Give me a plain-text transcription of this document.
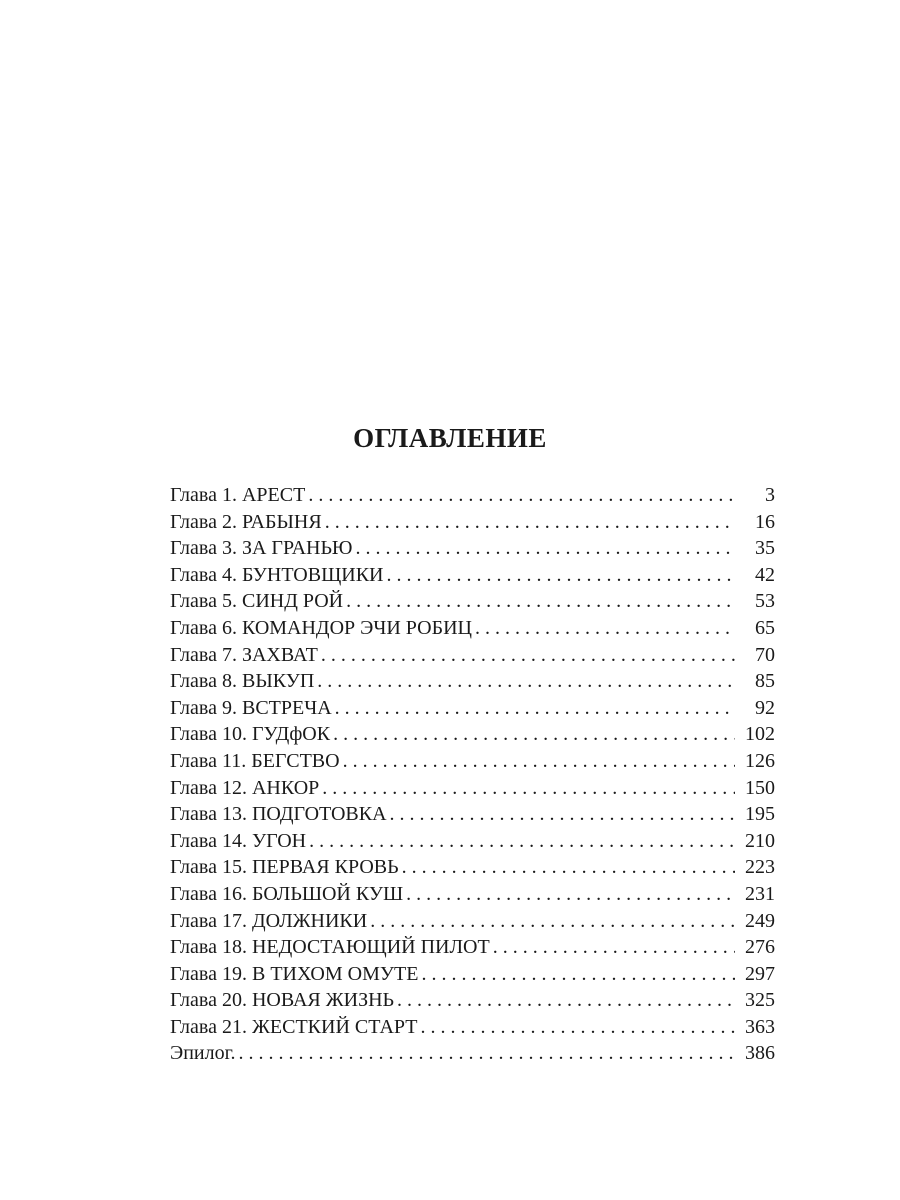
ОГЛАВЛЕНИЕ
Глава 1. АРЕСТ . . .	3
Глава 2. РАБЫНЯ . . .	16
Глава 3. ЗА ГРАНЬЮ . . .	35
Глава 4. БУНТОВЩИКИ . . .	42
Глава 5. СИНД РОЙ . . .	53
Глава 6. КОМАНДОР ЭЧИ РОБИЦ . . .	65
Глава 7. ЗАХВАТ . . .	70
Глава 8. ВЫКУП . . .	85
Глава 9. ВСТРЕЧА . . .	92
Глава 10. ГУДфОК . . .	102
Глава 11. БЕГСТВО . . .	126
Глава 12. АНКОР . . .	150
Глава 13. ПОДГОТОВКА . . .	195
Глава 14. УГОН . . .	210
Глава 15. ПЕРВАЯ КРОВЬ . . .	223
Глава 16. БОЛЬШОЙ КУШ . . .	231
Глава 17. ДОЛЖНИКИ . . .	249
Глава 18. НЕДОСТАЮЩИЙ ПИЛОТ . . .	276
Глава 19. В ТИХОМ ОМУТЕ . . .	297
Глава 20. НОВАЯ ЖИЗНЬ . . .	325
Глава 21. ЖЕСТКИЙ СТАРТ . . .	363
Эпилог. . . .	386
